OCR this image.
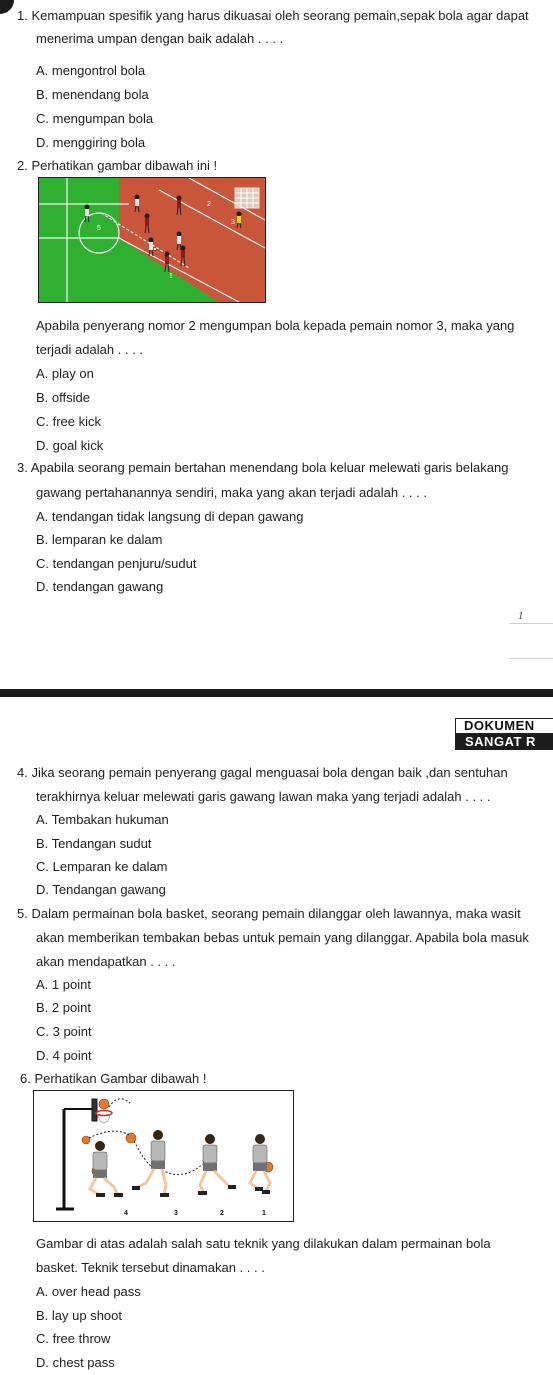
1. Kemampuan spesifik yang harus dikuasai oleh seorang pemain,sepak bola agar dapat
menerima umpan dengan baik adalah . . . .
A. mengontrol bola
B. menendang bola
C. mengumpan bola
D. menggiring bola
2. Perhatikan gambar dibawah ini !
2
3
5
1
Apabila penyerang nomor 2 mengumpan bola kepada pemain nomor 3, maka yang
terjadi adalah . . . .
A. play on
B. offside
C. free kick
D. goal kick
3. Apabila seorang pemain bertahan menendang bola keluar melewati garis belakang
gawang pertahanannya sendiri, maka yang akan terjadi adalah . . . .
A. tendangan tidak langsung di depan gawang
B. lemparan ke dalam
C. tendangan penjuru/sudut
D. tendangan gawang
1
DOKUMEN
SANGAT R
4. Jika seorang pemain penyerang gagal menguasai bola dengan baik ,dan sentuhan
terakhirnya keluar melewati garis gawang lawan maka yang terjadi adalah . . . .
A. Tembakan hukuman
B. Tendangan sudut
C. Lemparan ke dalam
D. Tendangan gawang
5. Dalam permainan bola basket, seorang pemain dilanggar oleh lawannya, maka wasit
akan memberikan tembakan bebas untuk pemain yang dilanggar. Apabila bola masuk
akan mendapatkan . . . .
A. 1 point
B. 2 point
C. 3 point
D. 4 point
6. Perhatikan Gambar dibawah !
4	3	2	1
Gambar di atas adalah salah satu teknik yang dilakukan dalam permainan bola
basket. Teknik tersebut dinamakan . . . .
A. over head pass
B. lay up shoot
C. free throw
D. chest pass
